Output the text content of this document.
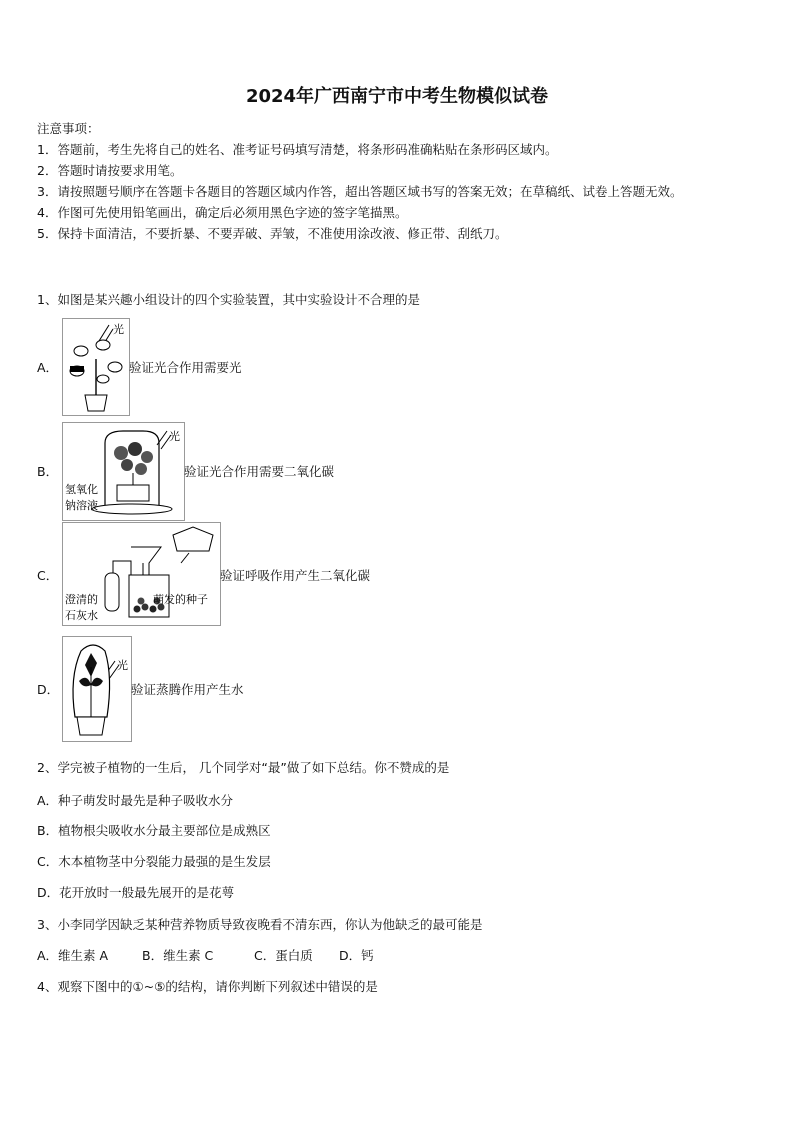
2024年广西南宁市中考生物模似试卷
注意事项：
1．答题前，考生先将自己的姓名、准考证号码填写清楚，将条形码准确粘贴在条形码区域内。
2．答题时请按要求用笔。
3．请按照题号顺序在答题卡各题目的答题区域内作答，超出答题区域书写的答案无效；在草稿纸、试卷上答题无效。
4．作图可先使用铅笔画出，确定后必须用黑色字迹的签字笔描黑。
5．保持卡面清洁，不要折暴、不要弄破、弄皱，不准使用涂改液、修正带、刮纸刀。
1、如图是某兴趣小组设计的四个实验装置，其中实验设计不合理的是
A．
光
验证光合作用需要光
B．
光
氢氧化
钠溶液
验证光合作用需要二氧化碳
C．
澄清的
石灰水
萌发的种子
验证呼吸作用产生二氧化碳
D．
光
验证蒸腾作用产生水
2、学完被子植物的一生后， 几个同学对“最”做了如下总结。你不赞成的是
A．种子萌发时最先是种子吸收水分
B．植物根尖吸收水分最主要部位是成熟区
C．木本植物茎中分裂能力最强的是生发层
D．花开放时一般最先展开的是花萼
3、小李同学因缺乏某种营养物质导致夜晚看不清东西，你认为他缺乏的最可能是
A．维生素 A	B．维生素 C	C．蛋白质 D．钙
4、观察下图中的①~⑤的结构，请你判断下列叙述中错误的是
